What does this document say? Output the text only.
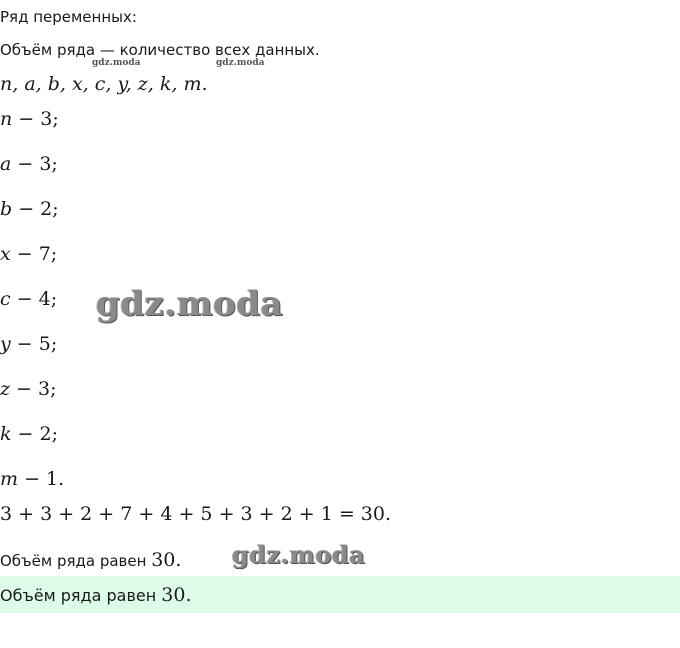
Ряд переменных:
Объём ряда — количество всех данных.
gdz.moda	gdz.moda
n, a, b, x, c, y, z, k, m.
n − 3;
a − 3;
b − 2;
x − 7;
c − 4;
y − 5;
z − 3;
k − 2;
m − 1.
gdz.moda
3 + 3 + 2 + 7 + 4 + 5 + 3 + 2 + 1 = 30.
Объём ряда равен 30. gdz.moda
Объём ряда равен 30.
